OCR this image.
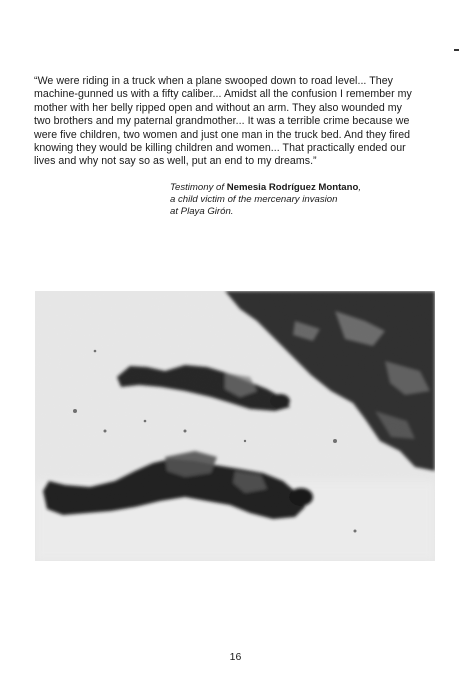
“We were riding in a truck when a plane swooped down to road level... They
machine-gunned us with a fifty caliber... Amidst all the confusion I remember my
mother with her belly ripped open and without an arm. They also wounded my
two brothers and my paternal grandmother... It was a terrible crime because we
were five children, two women and just one man in the truck bed. And they fired
knowing they would be killing children and women... That practically ended our
lives and why not say so as well, put an end to my dreams.”

Testimony of Nemesia Rodríguez Montano,
a child victim of the mercenary invasion
at Playa Girón.
16
